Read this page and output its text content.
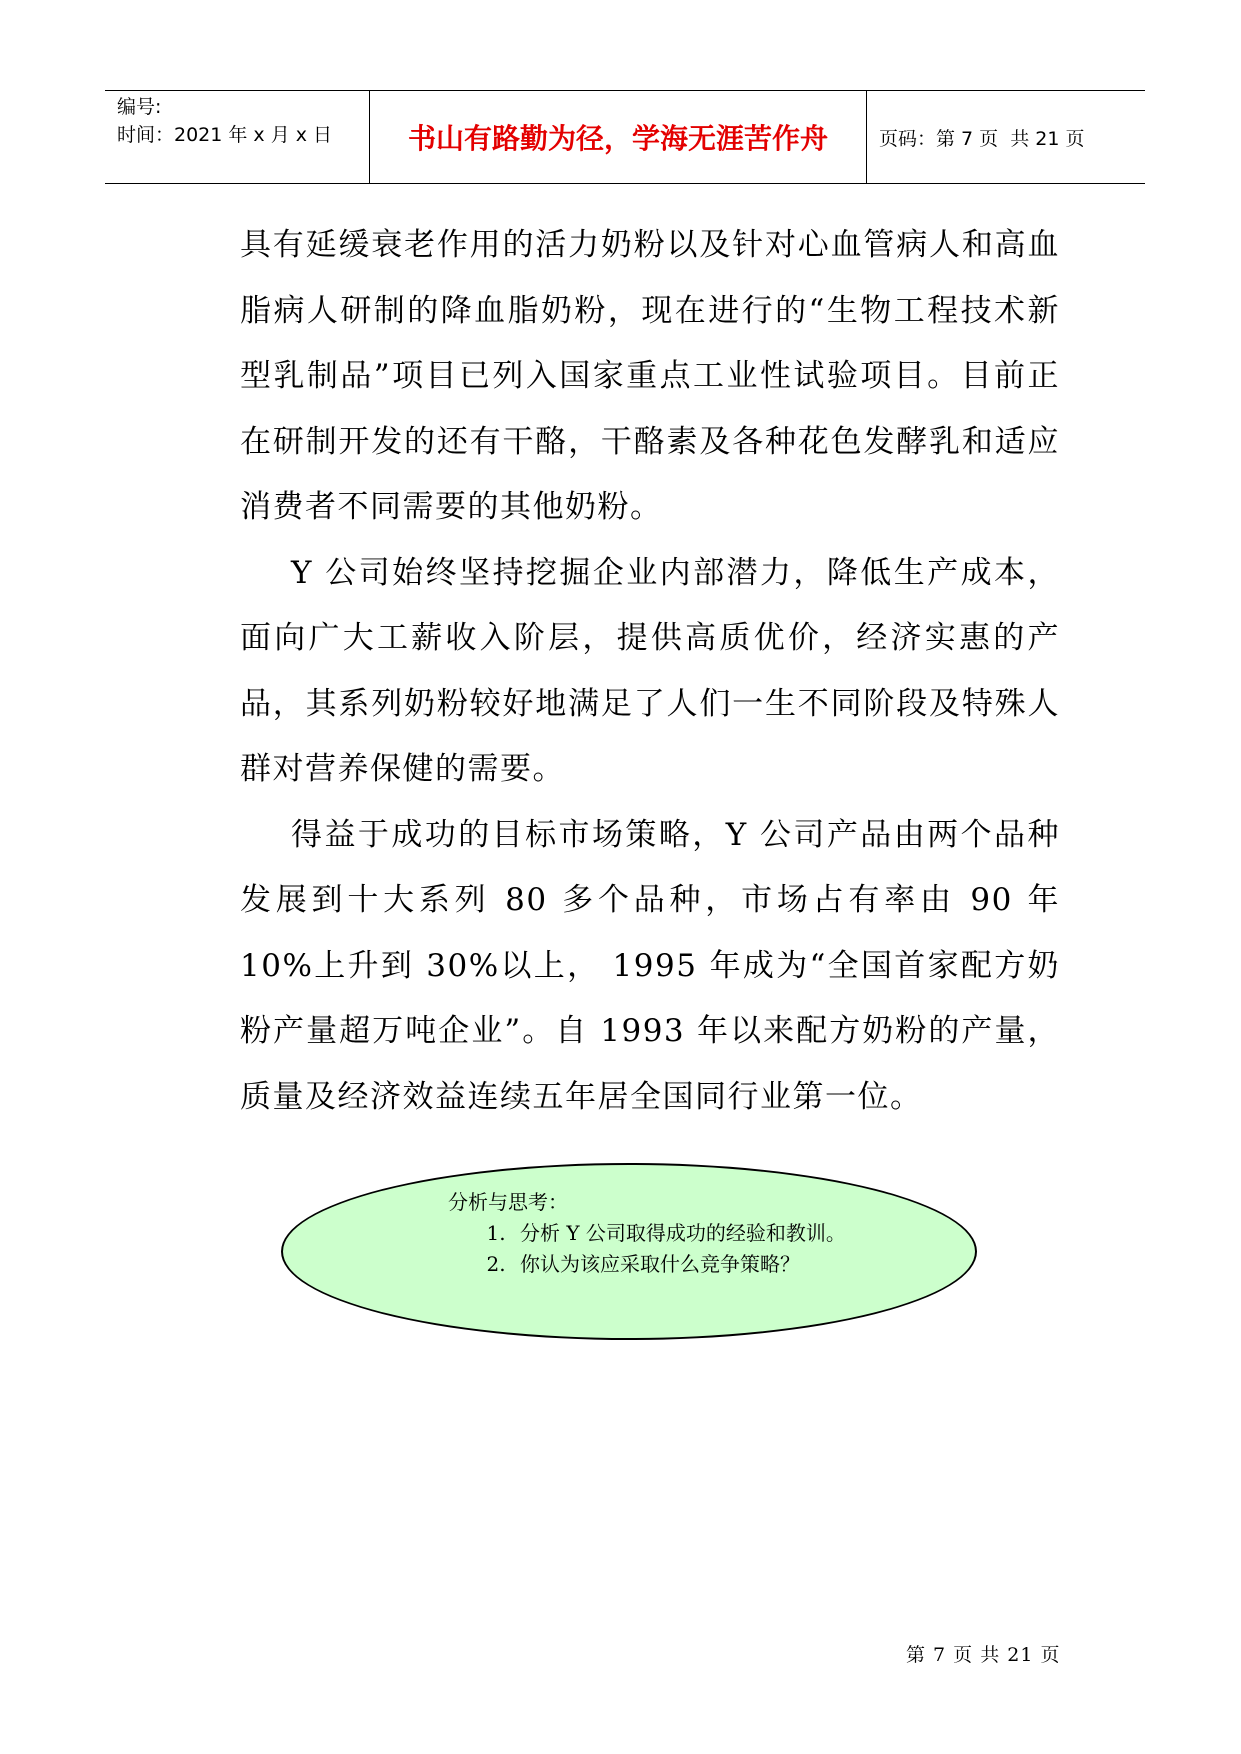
编号:
时间：2021 年 x 月 x 日	书山有路勤为径，学海无涯苦作舟	页码：第 7 页  共 21 页

具有延缓衰老作用的活力奶粉以及针对心血管病人和高血脂病人研制的降血脂奶粉，现在进行的“生物工程技术新型乳制品”项目已列入国家重点工业性试验项目。目前正在研制开发的还有干酪，干酪素及各种花色发酵乳和适应消费者不同需要的其他奶粉。

Y 公司始终坚持挖掘企业内部潜力，降低生产成本，面向广大工薪收入阶层，提供高质优价，经济实惠的产品，其系列奶粉较好地满足了人们一生不同阶段及特殊人群对营养保健的需要。

得益于成功的目标市场策略，Y 公司产品由两个品种发展到十大系列 80 多个品种，市场占有率由 90 年 10%上升到 30%以上， 1995 年成为“全国首家配方奶粉产量超万吨企业”。自 1993 年以来配方奶粉的产量，质量及经济效益连续五年居全国同行业第一位。

分析与思考：
1. 分析 Y 公司取得成功的经验和教训。
2. 你认为该应采取什么竞争策略？
第 7 页 共 21 页
